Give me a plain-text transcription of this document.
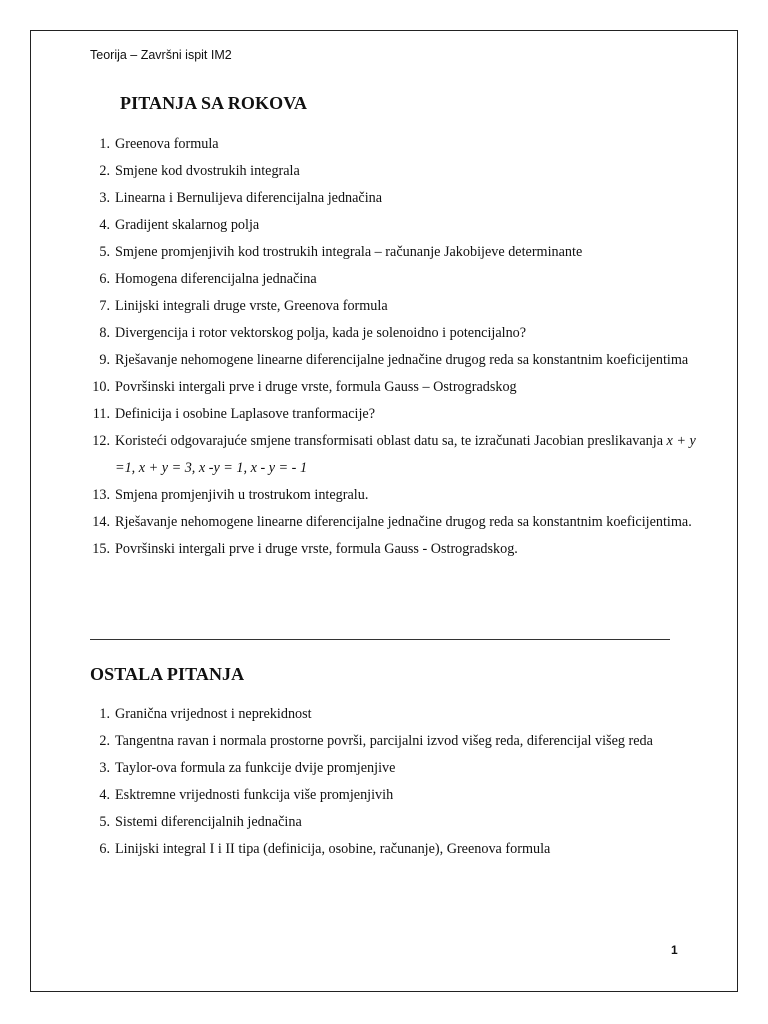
Teorija – Završni ispit IM2
PITANJA SA ROKOVA
1. Greenova formula
2. Smjene kod dvostrukih integrala
3. Linearna i Bernulijeva diferencijalna jednačina
4. Gradijent skalarnog polja
5. Smjene promjenjivih kod trostrukih integrala – računanje Jakobijeve determinante
6. Homogena diferencijalna jednačina
7. Linijski integrali druge vrste, Greenova formula
8. Divergencija i rotor vektorskog polja, kada je solenoidno i potencijalno?
9. Rješavanje nehomogene linearne diferencijalne jednačine drugog reda sa konstantnim koeficijentima
10. Površinski intergali prve i druge vrste, formula Gauss – Ostrogradskog
11. Definicija i osobine Laplasove tranformacije?
12. Koristeći odgovarajuće smjene transformisati oblast datu sa, te izračunati Jacobian preslikavanja x + y =1, x + y = 3, x -y = 1, x - y = - 1
13. Smjena promjenjivih u trostrukom integralu.
14. Rješavanje nehomogene linearne diferencijalne jednačine drugog reda sa konstantnim koeficijentima.
15. Površinski intergali prve i druge vrste, formula Gauss - Ostrogradskog.
OSTALA PITANJA
1. Granična vrijednost i neprekidnost
2. Tangentna ravan i normala prostorne površi, parcijalni izvod višeg reda, diferencijal višeg reda
3. Taylor-ova formula za funkcije dvije promjenjive
4. Esktremne vrijednosti funkcija više promjenjivih
5. Sistemi diferencijalnih jednačina
6. Linijski integral I i II tipa (definicija, osobine, računanje), Greenova formula
1
